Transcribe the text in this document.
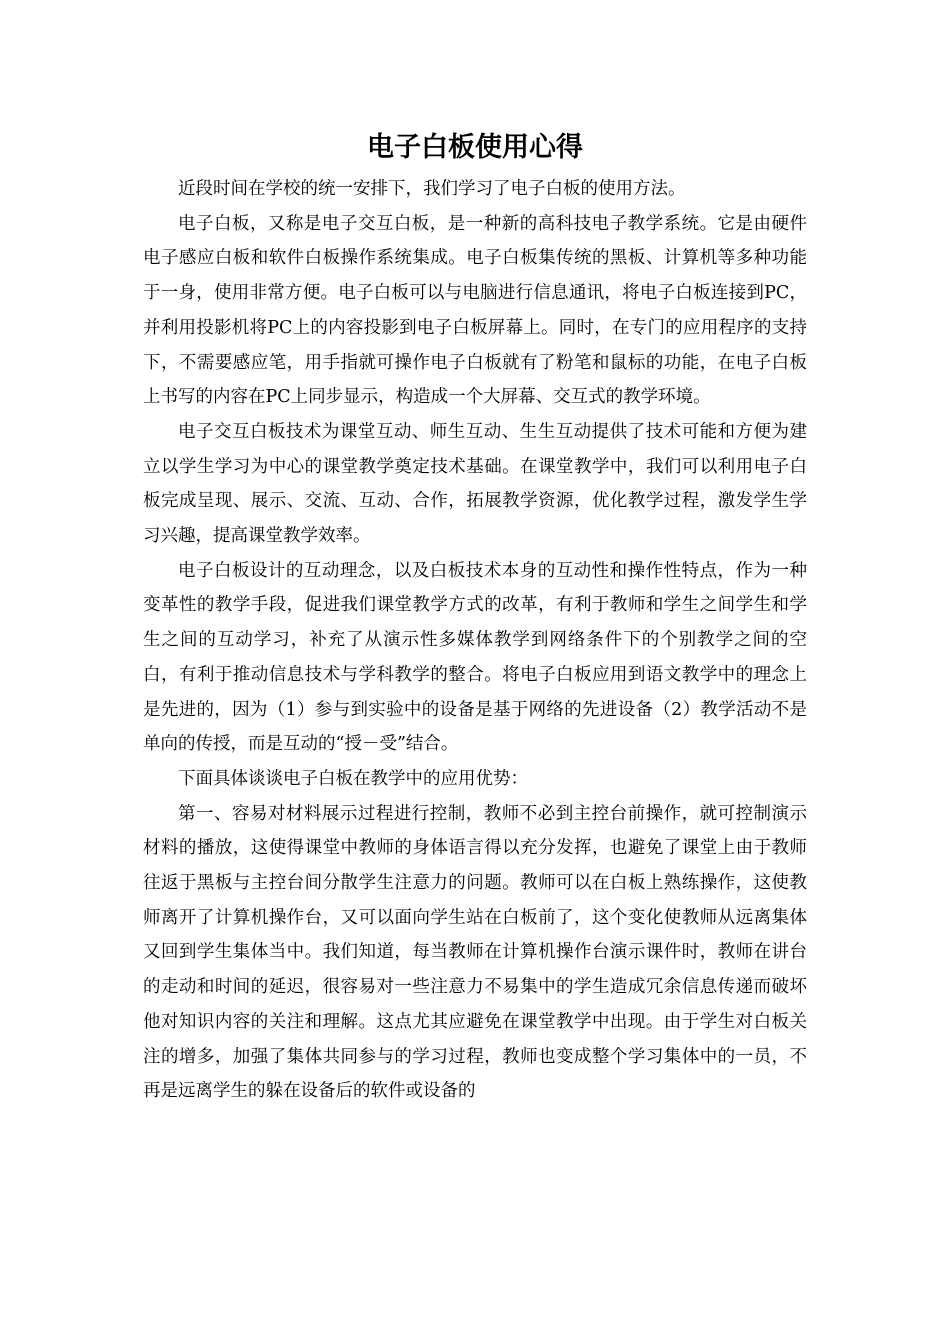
电子白板使用心得

近段时间在学校的统一安排下，我们学习了电子白板的使用方法。

电子白板，又称是电子交互白板，是一种新的高科技电子教学系统。它是由硬件电子感应白板和软件白板操作系统集成。电子白板集传统的黑板、计算机等多种功能于一身，使用非常方便。电子白板可以与电脑进行信息通讯，将电子白板连接到PC，并利用投影机将PC上的内容投影到电子白板屏幕上。同时，在专门的应用程序的支持下，不需要感应笔，用手指就可操作电子白板就有了粉笔和鼠标的功能，在电子白板上书写的内容在PC上同步显示，构造成一个大屏幕、交互式的教学环境。

电子交互白板技术为课堂互动、师生互动、生生互动提供了技术可能和方便为建立以学生学习为中心的课堂教学奠定技术基础。在课堂教学中，我们可以利用电子白板完成呈现、展示、交流、互动、合作，拓展教学资源，优化教学过程，激发学生学习兴趣，提高课堂教学效率。

电子白板设计的互动理念，以及白板技术本身的互动性和操作性特点，作为一种变革性的教学手段，促进我们课堂教学方式的改革，有利于教师和学生之间学生和学生之间的互动学习，补充了从演示性多媒体教学到网络条件下的个别教学之间的空白，有利于推动信息技术与学科教学的整合。将电子白板应用到语文教学中的理念上是先进的，因为（1）参与到实验中的设备是基于网络的先进设备（2）教学活动不是单向的传授，而是互动的“授－受”结合。

下面具体谈谈电子白板在教学中的应用优势：

第一、容易对材料展示过程进行控制，教师不必到主控台前操作，就可控制演示材料的播放，这使得课堂中教师的身体语言得以充分发挥，也避免了课堂上由于教师往返于黑板与主控台间分散学生注意力的问题。教师可以在白板上熟练操作，这使教师离开了计算机操作台，又可以面向学生站在白板前了，这个变化使教师从远离集体又回到学生集体当中。我们知道，每当教师在计算机操作台演示课件时，教师在讲台的走动和时间的延迟，很容易对一些注意力不易集中的学生造成冗余信息传递而破坏他对知识内容的关注和理解。这点尤其应避免在课堂教学中出现。由于学生对白板关注的增多，加强了集体共同参与的学习过程，教师也变成整个学习集体中的一员，不再是远离学生的躲在设备后的软件或设备的
